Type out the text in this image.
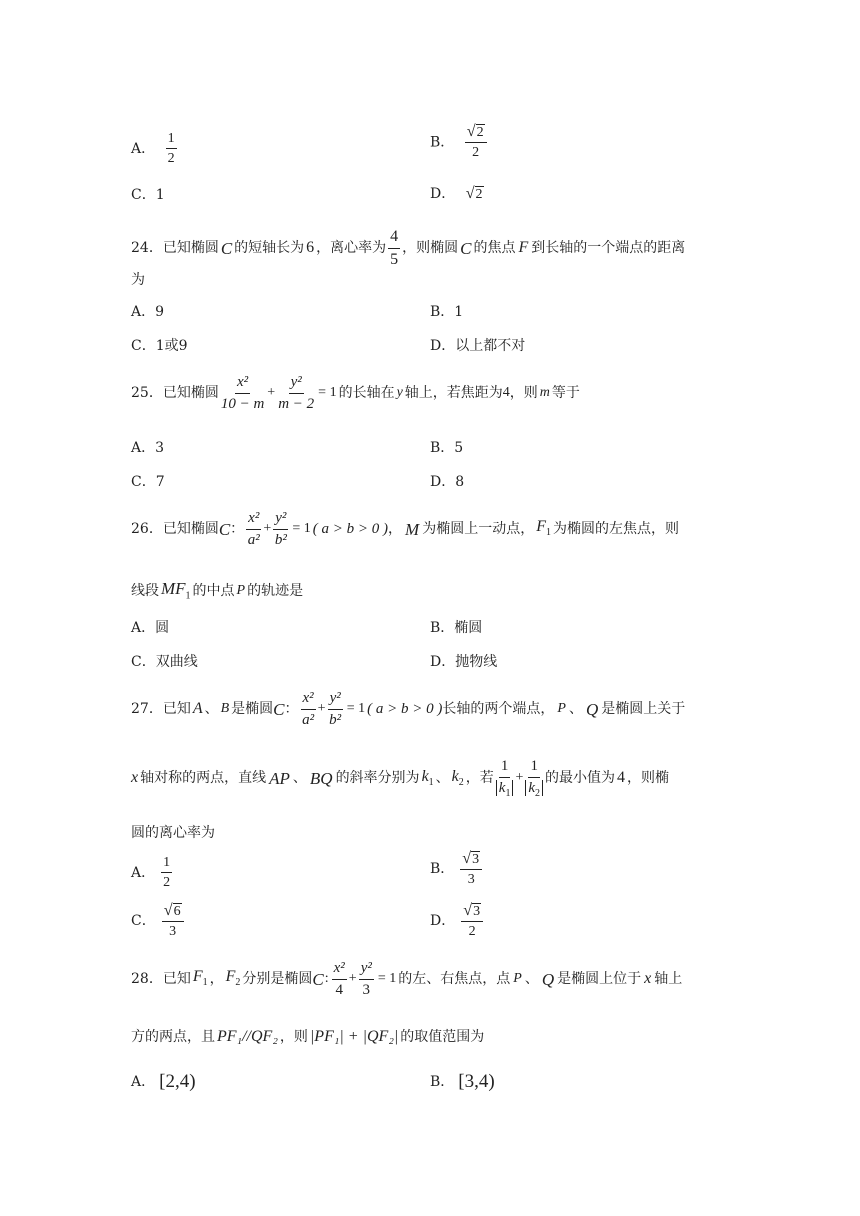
A． $\frac{1}{2}$	B． $\frac{√ 2}{2}$
C．1	D． √ 2
24． 已知椭圆 C 的短轴长为 6 ，离心率为 $\frac{4}{5}$ ，则椭圆 C 的焦点 F 到长轴的一个端点的距离
为
A．9	B．1
C．1或9	D．以上都不对
25． 已知椭圆 $\frac{\text{x²}}{10 - m} + \frac{\text{y²}}{m - 2} = 1$ 的长轴在 y 轴上，若焦距为 4 ，则 m 等于
A．3	B．5
C．7	D．8
26． 已知椭圆 C ： $\frac{\text{x²}}{\text{a²}} + \frac{\text{y²}}{\text{b²}} = 1$ ( a > b > 0 ) ， M 为椭圆上一动点， $F_1$ 为椭圆的左焦点，则
线段 $MF_1$ 的中点 P 的轨迹是
A．圆	B．椭圆
C．双曲线	D．抛物线
27． 已知 A 、 B 是椭圆 C ： $\frac{\text{x²}}{\text{a²}} + \frac{\text{y²}}{\text{b²}} = 1$ ( a > b > 0 ) 长轴的两个端点， P 、 Q 是椭圆上关于
x 轴对称的两点，直线 AP 、 BQ 的斜率分别为 $k_1$ 、 $k_2$ ，若 $\frac{1}{k_1} + \frac{1}{k_2}$ 的最小值为 4 ，则椭
圆的离心率为
A． $\frac{1}{2}$	B． $\frac{√ 3}{3}$
C． $\frac{√ 6}{3}$	D． $\frac{√ 3}{2}$
28． 已知 $F_1$ ， $F_2$ 分别是椭圆 C : $\frac{\text{x²}}{4} + \frac{\text{y²}}{3} = 1$ 的左、右焦点，点 P 、 Q 是椭圆上位于 x 轴上
方的两点，且 PF₁//QF₂ ，则 |PF₁| + |QF₂| 的取值范围为
A． [2,4)	B． [3,4)
